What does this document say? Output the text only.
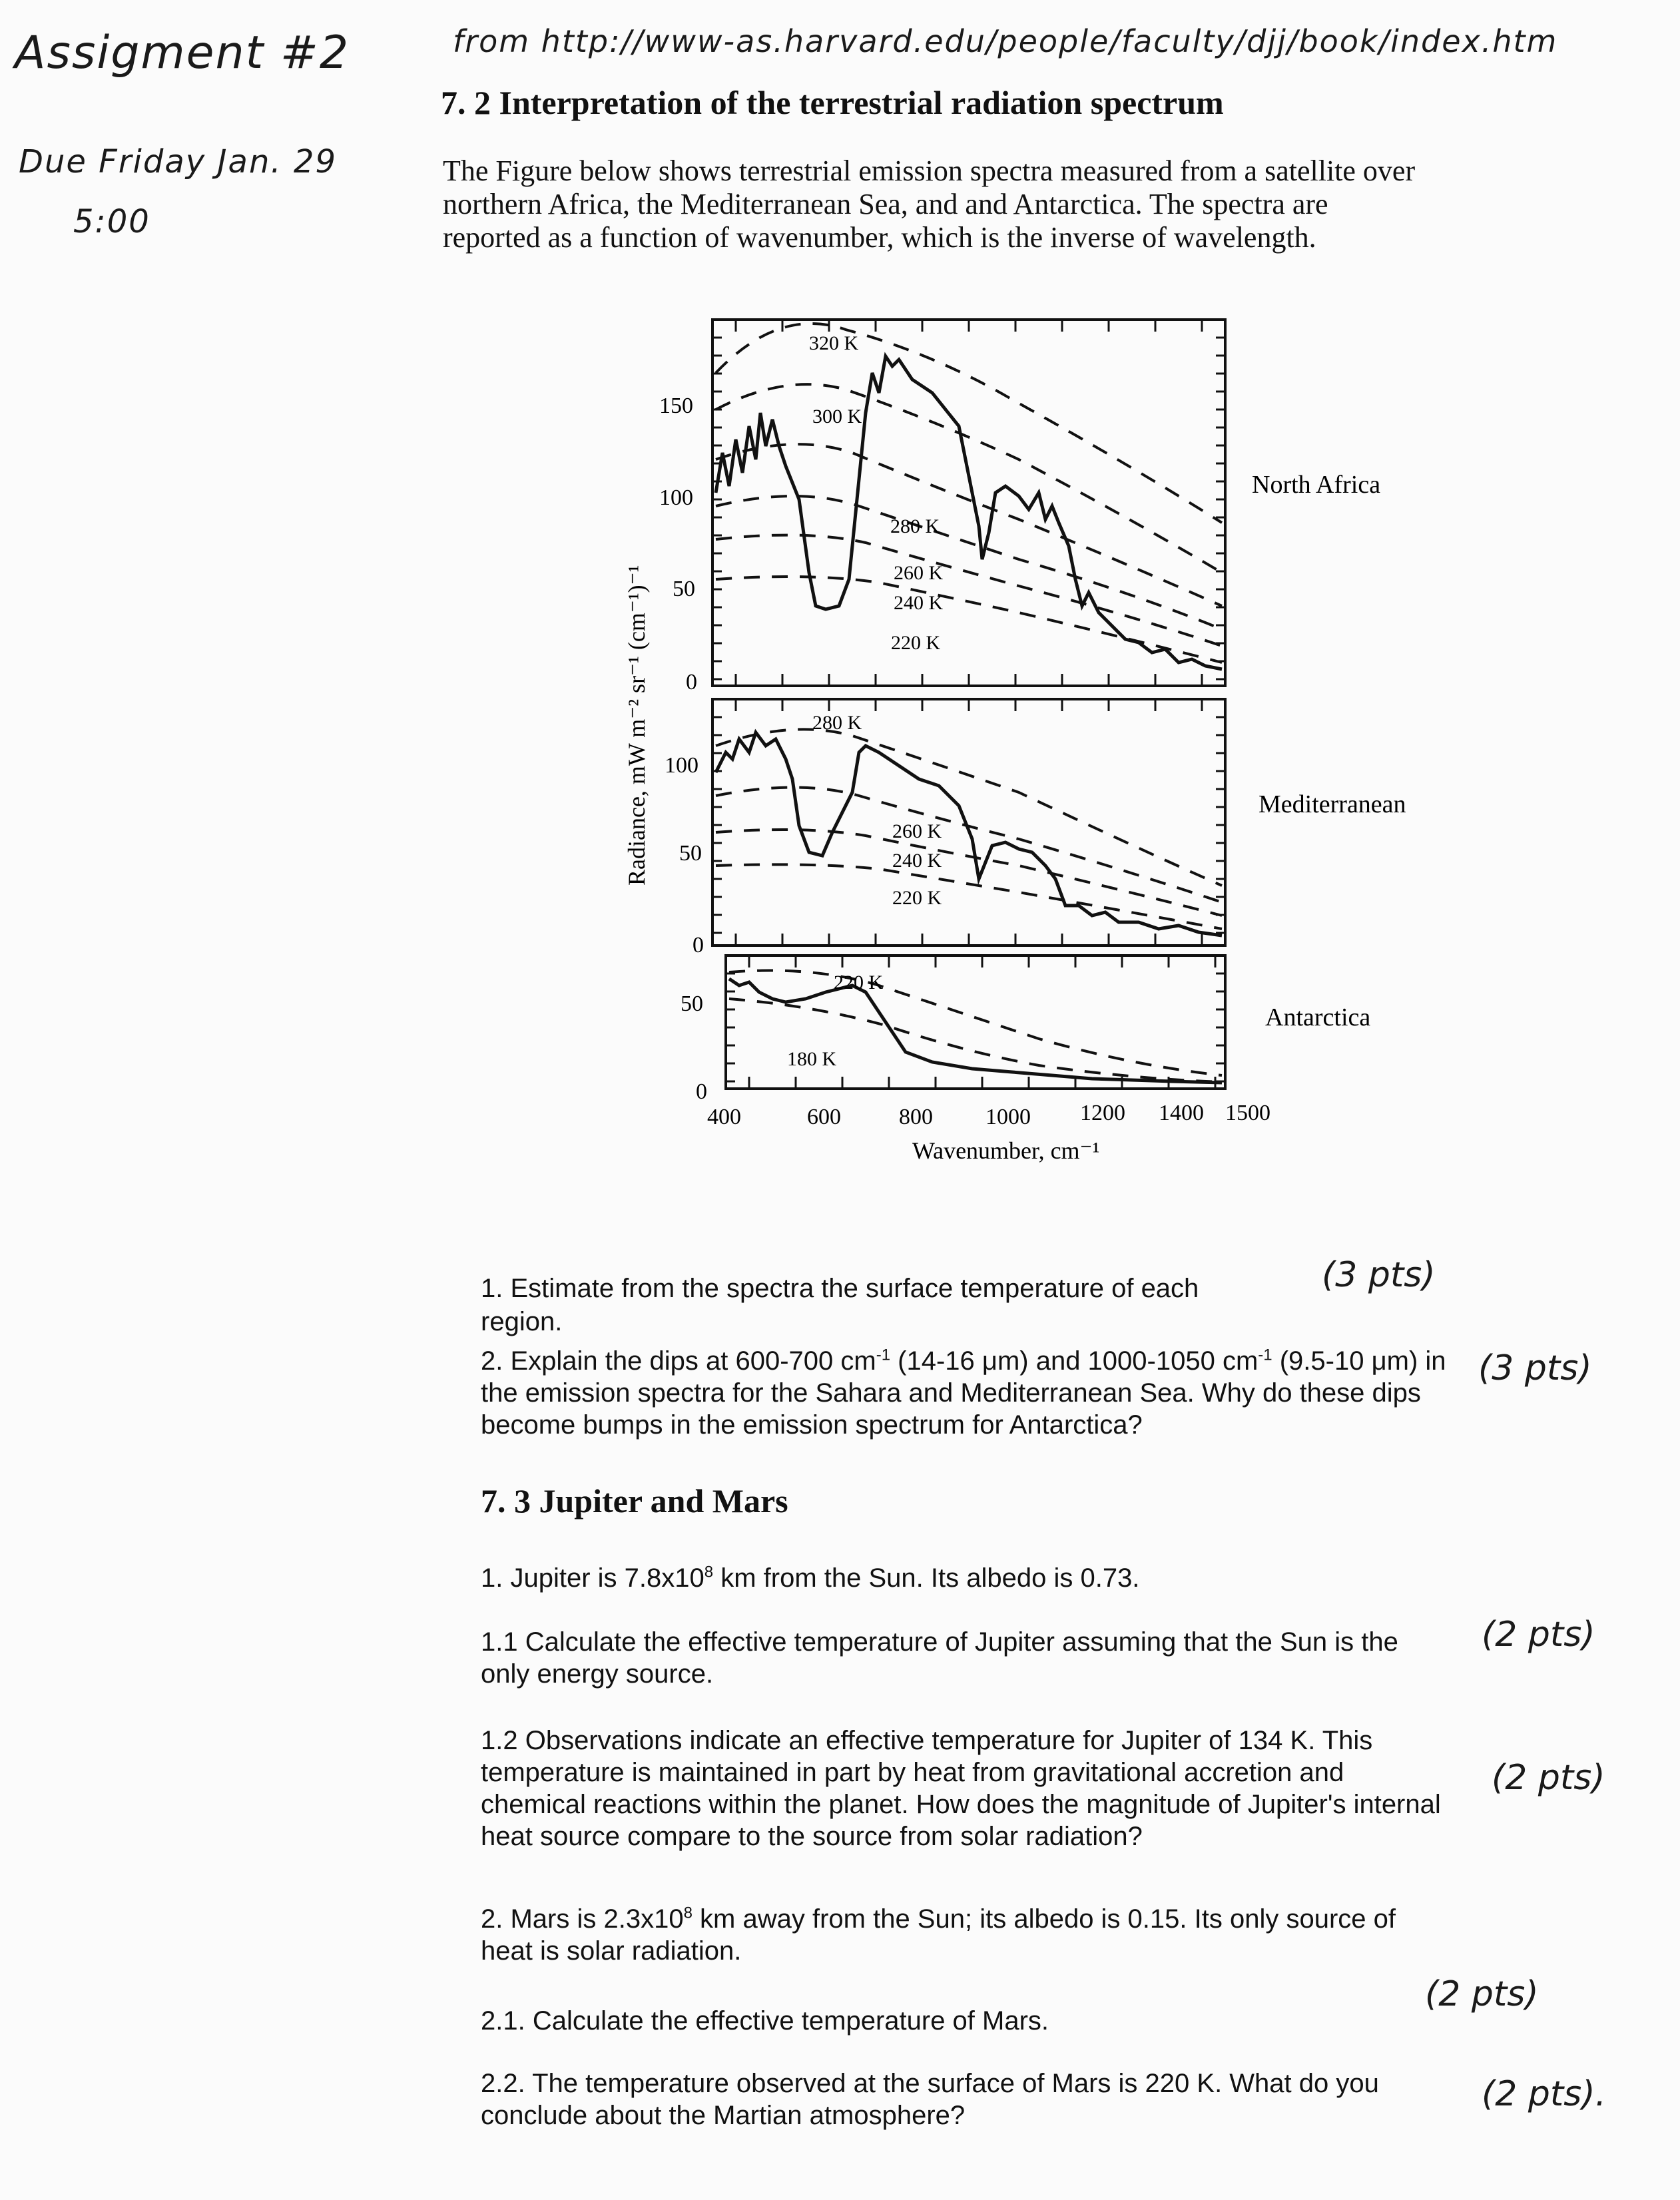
Assigment #2
Due Friday Jan. 29
5:00
from http://www-as.harvard.edu/people/faculty/djj/book/index.htm
7. 2 Interpretation of the terrestrial radiation spectrum
The Figure below shows terrestrial emission spectra measured from a satellite over northern Africa, the Mediterranean Sea, and and Antarctica. The spectra are reported as a function of wavenumber, which is the inverse of wavelength.
Radiance, mW m⁻² sr⁻¹ (cm⁻¹)⁻¹
150
100
50
0
100
50
0
50
0
400	600	800 1000 1200 1400 1500
Wavenumber, cm⁻¹
North Africa
Mediterranean
Antarctica
320 K
300 K
280 K
260 K
240 K
220 K
280 K
260 K
240 K
220 K
220 K
180 K
1. Estimate from the spectra the surface temperature of each region.
(3 pts)
2. Explain the dips at 600-700 $cm^{-1}$ (14-16 μm) and 1000-1050 $cm^{-1}$ (9.5-10 μm) in the emission spectra for the Sahara and Mediterranean Sea. Why do these dips become bumps in the emission spectrum for Antarctica?
(3 pts)
7. 3 Jupiter and Mars
1. Jupiter is $7.8x10^8$ km from the Sun. Its albedo is 0.73.
1.1 Calculate the effective temperature of Jupiter assuming that the Sun is the only energy source.
(2 pts)
1.2 Observations indicate an effective temperature for Jupiter of 134 K. This temperature is maintained in part by heat from gravitational accretion and chemical reactions within the planet. How does the magnitude of Jupiter's internal heat source compare to the source from solar radiation?
(2 pts)
2. Mars is $2.3x10^8$ km away from the Sun; its albedo is 0.15. Its only source of heat is solar radiation.
2.1. Calculate the effective temperature of Mars.
(2 pts)
2.2. The temperature observed at the surface of Mars is 220 K. What do you conclude about the Martian atmosphere?
(2 pts).
